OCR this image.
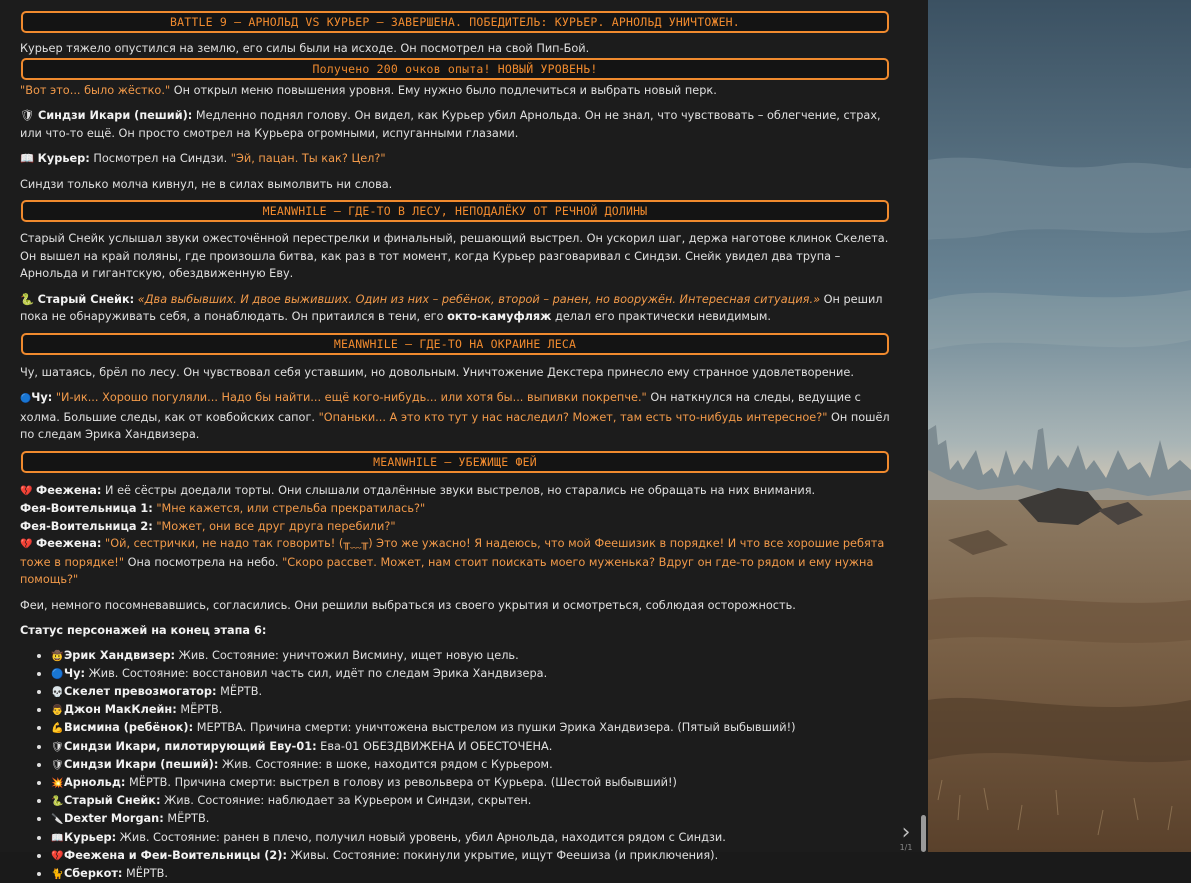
BATTLE 9 – АРНОЛЬД VS КУРЬЕР – ЗАВЕРШЕНА. ПОБЕДИТЕЛЬ: КУРЬЕР. АРНОЛЬД УНИЧТОЖЕН.
Курьер тяжело опустился на землю, его силы были на исходе. Он посмотрел на свой Пип-Бой.
Получено 200 очков опыта! НОВЫЙ УРОВЕНЬ!
"Вот это... было жёстко." Он открыл меню повышения уровня. Ему нужно было подлечиться и выбрать новый перк.
🛡 Синдзи Икари (пеший): Медленно поднял голову. Он видел, как Курьер убил Арнольда. Он не знал, что чувствовать – облегчение, страх, или что-то ещё. Он просто смотрел на Курьера огромными, испуганными глазами.
📖 Курьер: Посмотрел на Синдзи. "Эй, пацан. Ты как? Цел?"
Синдзи только молча кивнул, не в силах вымолвить ни слова.
MEANWHILE – ГДЕ-ТО В ЛЕСУ, НЕПОДАЛЁКУ ОТ РЕЧНОЙ ДОЛИНЫ
Старый Снейк услышал звуки ожесточённой перестрелки и финальный, решающий выстрел. Он ускорил шаг, держа наготове клинок Скелета. Он вышел на край поляны, где произошла битва, как раз в тот момент, когда Курьер разговаривал с Синдзи. Снейк увидел два трупа – Арнольда и гигантскую, обездвиженную Еву.
🐍 Старый Снейк: «Два выбывших. И двое выживших. Один из них – ребёнок, второй – ранен, но вооружён. Интересная ситуация.» Он решил пока не обнаруживать себя, а понаблюдать. Он притаился в тени, его окто-камуфляж делал его практически невидимым.
MEANWHILE – ГДЕ-ТО НА ОКРАИНЕ ЛЕСА
Чу, шатаясь, брёл по лесу. Он чувствовал себя уставшим, но довольным. Уничтожение Декстера принесло ему странное удовлетворение.
🔵Чу: "И-ик... Хорошо погуляли... Надо бы найти... ещё кого-нибудь... или хотя бы... выпивки покрепче." Он наткнулся на следы, ведущие с холма. Большие следы, как от ковбойских сапог. "Опаньки... А это кто тут у нас наследил? Может, там есть что-нибудь интересное?" Он пошёл по следам Эрика Хандвизера.
MEANWHILE – УБЕЖИЩЕ ФЕЙ
💔 Феежена: И её сёстры доедали торты. Они слышали отдалённые звуки выстрелов, но старались не обращать на них внимания.
Фея-Воительница 1: "Мне кажется, или стрельба прекратилась?"
Фея-Воительница 2: "Может, они все друг друга перебили?"
💔 Феежена: "Ой, сестрички, не надо так говорить! (╥﹏╥) Это же ужасно! Я надеюсь, что мой Феешизик в порядке! И что все хорошие ребята тоже в порядке!" Она посмотрела на небо. "Скоро рассвет. Может, нам стоит поискать моего муженька? Вдруг он где-то рядом и ему нужна помощь?"
Феи, немного посомневавшись, согласились. Они решили выбраться из своего укрытия и осмотреться, соблюдая осторожность.
Статус персонажей на конец этапа 6:
🤠Эрик Хандвизер: Жив. Состояние: уничтожил Висмину, ищет новую цель.
🔵Чу: Жив. Состояние: восстановил часть сил, идёт по следам Эрика Хандвизера.
💀Скелет превозмогатор: МЁРТВ.
👨Джон МакКлейн: МЁРТВ.
💪Висмина (ребёнок): МЕРТВА. Причина смерти: уничтожена выстрелом из пушки Эрика Хандвизера. (Пятый выбывший!)
🛡Синдзи Икари, пилотирующий Еву-01: Ева-01 ОБЕЗДВИЖЕНА И ОБЕСТОЧЕНА.
🛡Синдзи Икари (пеший): Жив. Состояние: в шоке, находится рядом с Курьером.
💥Арнольд: МЁРТВ. Причина смерти: выстрел в голову из револьвера от Курьера. (Шестой выбывший!)
🐍Старый Снейк: Жив. Состояние: наблюдает за Курьером и Синдзи, скрытен.
🔪Dexter Morgan: МЁРТВ.
📖Курьер: Жив. Состояние: ранен в плечо, получил новый уровень, убил Арнольда, находится рядом с Синдзи.
💔Феежена и Феи-Воительницы (2): Живы. Состояние: покинули укрытие, ищут Феешиза (и приключения).
🐈Сберкот: МЁРТВ.
›
1/1
